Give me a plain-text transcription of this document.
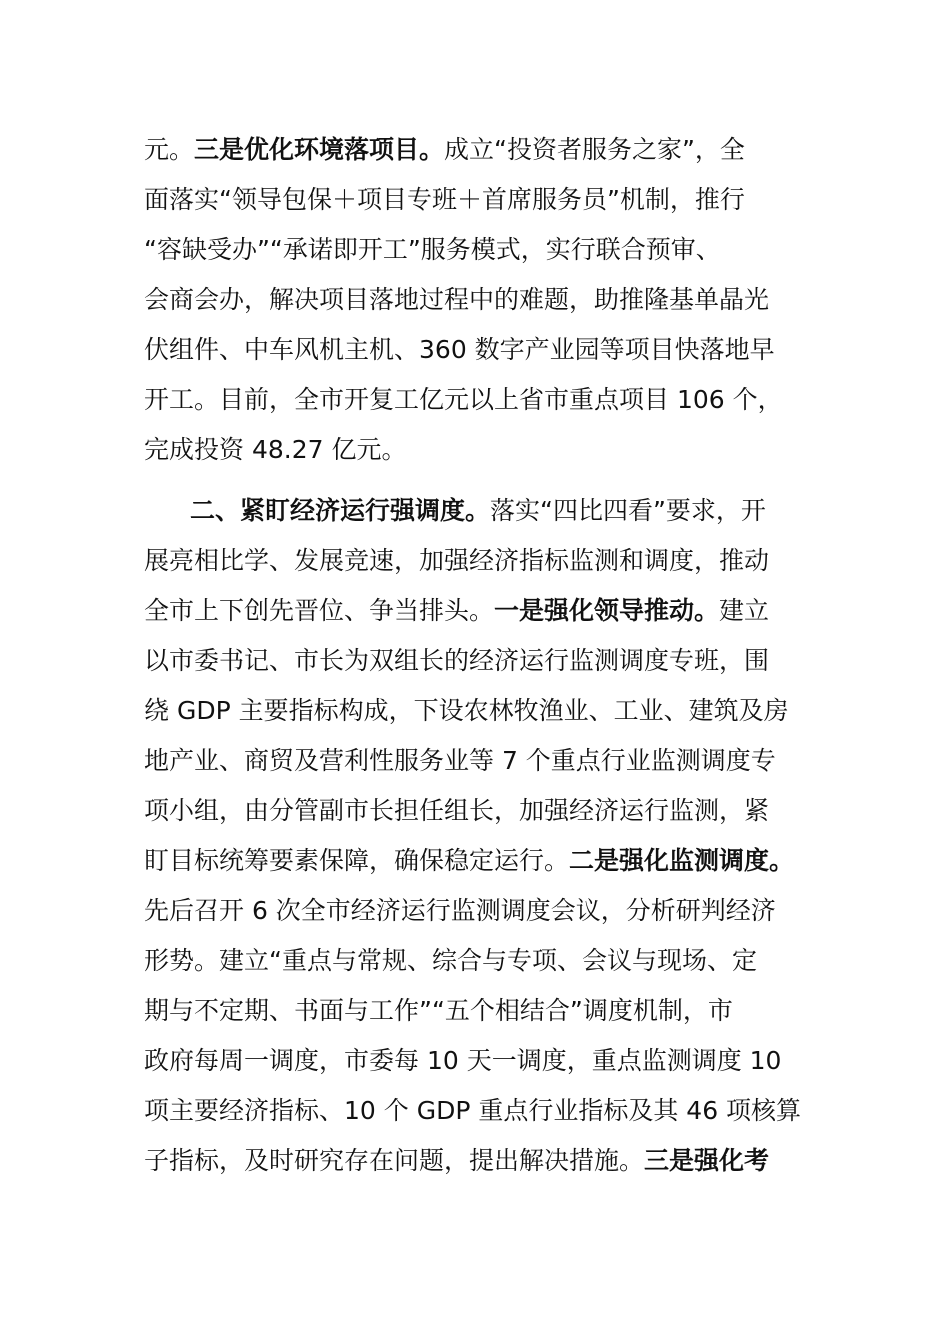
元。三是优化环境落项目。成立“投资者服务之家”，全
面落实“领导包保＋项目专班＋首席服务员”机制，推行
“容缺受办”“承诺即开工”服务模式，实行联合预审、
会商会办，解决项目落地过程中的难题，助推隆基单晶光
伏组件、中车风机主机、360 数字产业园等项目快落地早
开工。目前，全市开复工亿元以上省市重点项目 106 个，
完成投资 48.27 亿元。
二、紧盯经济运行强调度。落实“四比四看”要求，开
展亮相比学、发展竞速，加强经济指标监测和调度，推动
全市上下创先晋位、争当排头。一是强化领导推动。建立
以市委书记、市长为双组长的经济运行监测调度专班，围
绕 GDP 主要指标构成，下设农林牧渔业、工业、建筑及房
地产业、商贸及营利性服务业等 7 个重点行业监测调度专
项小组，由分管副市长担任组长，加强经济运行监测，紧
盯目标统筹要素保障，确保稳定运行。二是强化监测调度。
先后召开 6 次全市经济运行监测调度会议，分析研判经济
形势。建立“重点与常规、综合与专项、会议与现场、定
期与不定期、书面与工作”“五个相结合”调度机制，市
政府每周一调度，市委每 10 天一调度，重点监测调度 10
项主要经济指标、10 个 GDP 重点行业指标及其 46 项核算
子指标，及时研究存在问题，提出解决措施。三是强化考
